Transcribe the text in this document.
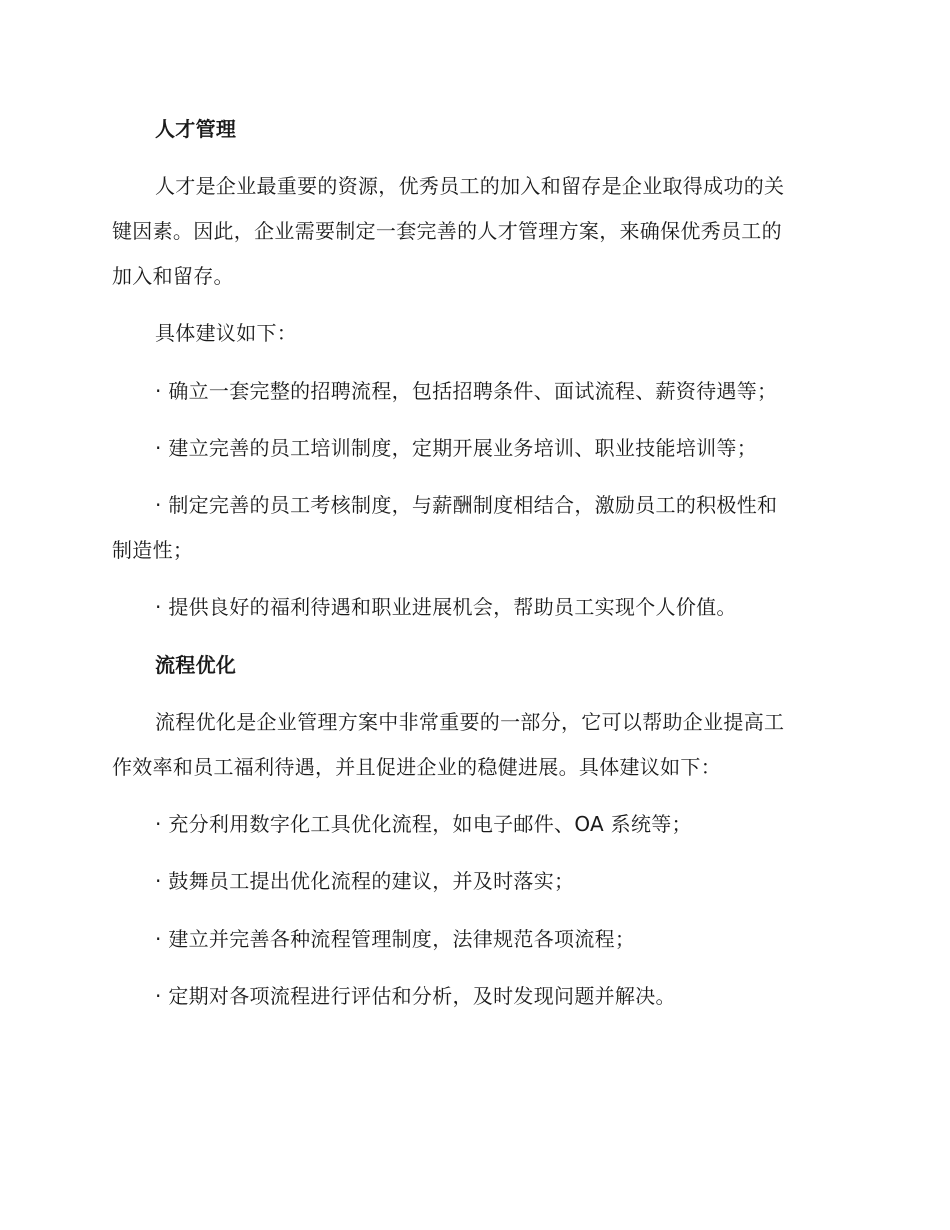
人才管理
人才是企业最重要的资源，优秀员工的加入和留存是企业取得成功的关
键因素。因此，企业需要制定一套完善的人才管理方案，来确保优秀员工的
加入和留存。
具体建议如下：
· 确立一套完整的招聘流程，包括招聘条件、面试流程、薪资待遇等；
· 建立完善的员工培训制度，定期开展业务培训、职业技能培训等；
· 制定完善的员工考核制度，与薪酬制度相结合，激励员工的积极性和
制造性；
· 提供良好的福利待遇和职业进展机会，帮助员工实现个人价值。
流程优化
流程优化是企业管理方案中非常重要的一部分，它可以帮助企业提高工
作效率和员工福利待遇，并且促进企业的稳健进展。具体建议如下：
· 充分利用数字化工具优化流程，如电子邮件、OA 系统等；
· 鼓舞员工提出优化流程的建议，并及时落实；
· 建立并完善各种流程管理制度，法律规范各项流程；
· 定期对各项流程进行评估和分析，及时发现问题并解决。
